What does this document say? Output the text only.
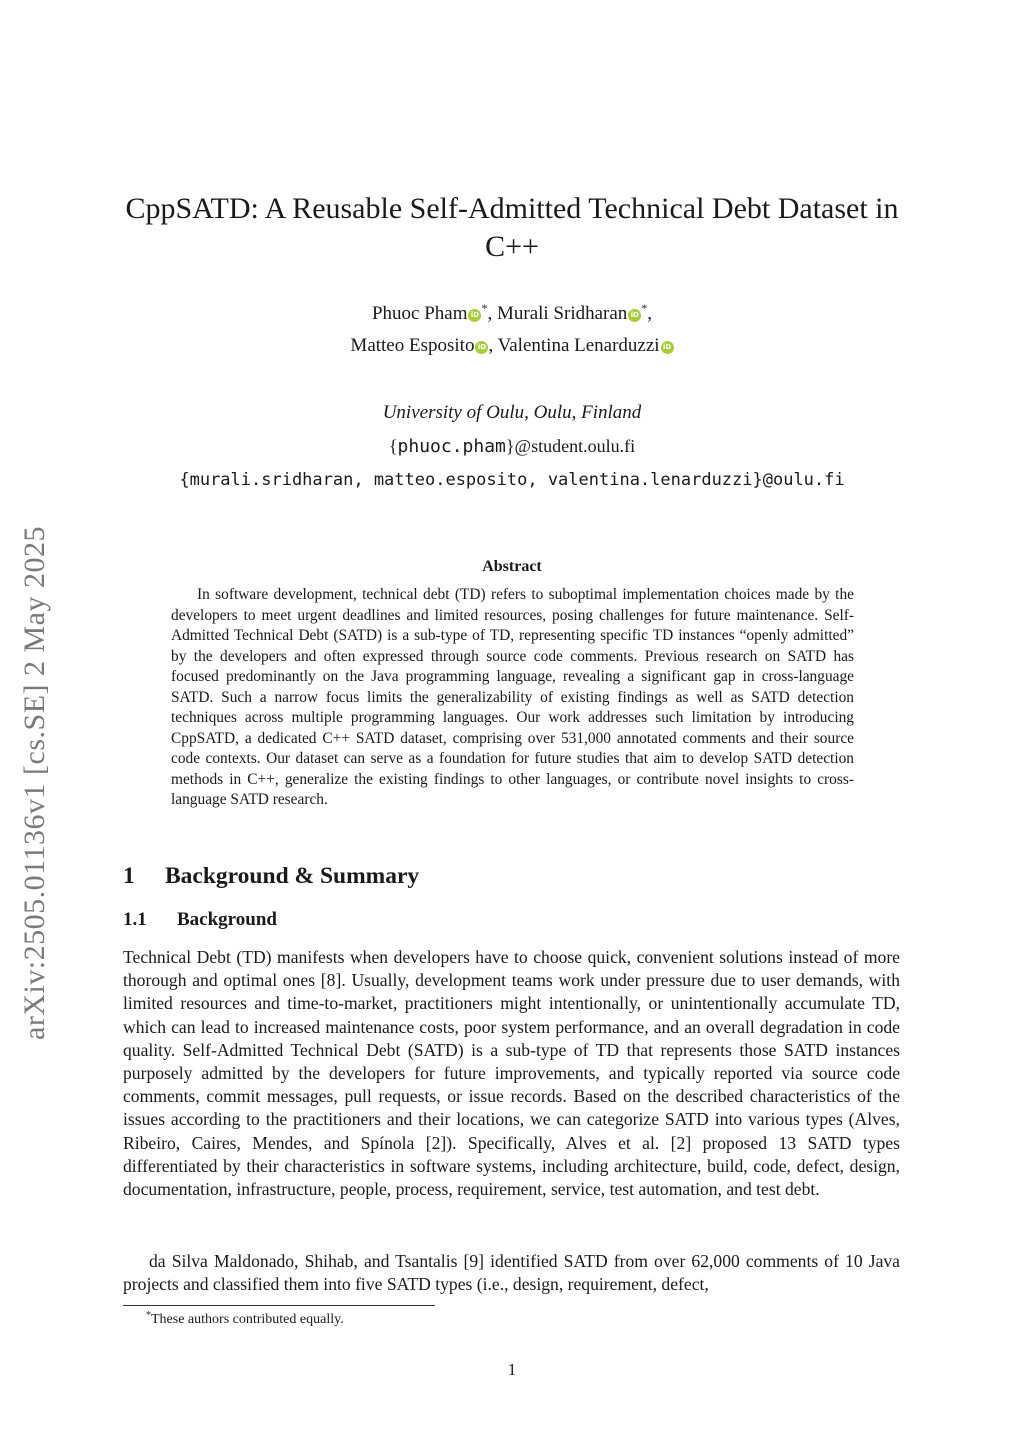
arXiv:2505.01136v1 [cs.SE] 2 May 2025
CppSATD: A Reusable Self-Admitted Technical Debt Dataset in C++
Phuoc Pham iD *, Murali Sridharan iD *,
Matteo Esposito iD , Valentina Lenarduzzi iD
University of Oulu, Oulu, Finland
{phuoc.pham}@student.oulu.fi
{murali.sridharan, matteo.esposito, valentina.lenarduzzi}@oulu.fi
Abstract

In software development, technical debt (TD) refers to suboptimal implementation choices made by the developers to meet urgent deadlines and limited resources, posing challenges for future maintenance. Self-Admitted Technical Debt (SATD) is a sub-type of TD, representing specific TD instances “openly admitted” by the developers and often expressed through source code comments. Previous research on SATD has focused predominantly on the Java programming language, revealing a significant gap in cross-language SATD. Such a narrow focus limits the generalizability of existing findings as well as SATD detection techniques across multiple programming languages. Our work addresses such limitation by introducing CppSATD, a dedicated C++ SATD dataset, comprising over 531,000 annotated comments and their source code contexts. Our dataset can serve as a foundation for future studies that aim to develop SATD detection methods in C++, generalize the existing findings to other languages, or contribute novel insights to cross-language SATD research.

1 Background & Summary
1.1 Background

Technical Debt (TD) manifests when developers have to choose quick, convenient solutions instead of more thorough and optimal ones [8]. Usually, development teams work under pressure due to user demands, with limited resources and time-to-market, practitioners might intentionally, or unintentionally accumulate TD, which can lead to increased maintenance costs, poor system performance, and an overall degradation in code quality. Self-Admitted Technical Debt (SATD) is a sub-type of TD that represents those SATD instances purposely admitted by the developers for future improvements, and typically reported via source code comments, commit messages, pull requests, or issue records. Based on the described characteristics of the issues according to the practitioners and their locations, we can categorize SATD into various types (Alves, Ribeiro, Caires, Mendes, and Spínola [2]). Specifically, Alves et al. [2] proposed 13 SATD types differentiated by their characteristics in software systems, including architecture, build, code, defect, design, documentation, infrastructure, people, process, requirement, service, test automation, and test debt.

da Silva Maldonado, Shihab, and Tsantalis [9] identified SATD from over 62,000 comments of 10 Java projects and classified them into five SATD types (i.e., design, requirement, defect,

*These authors contributed equally.

1
